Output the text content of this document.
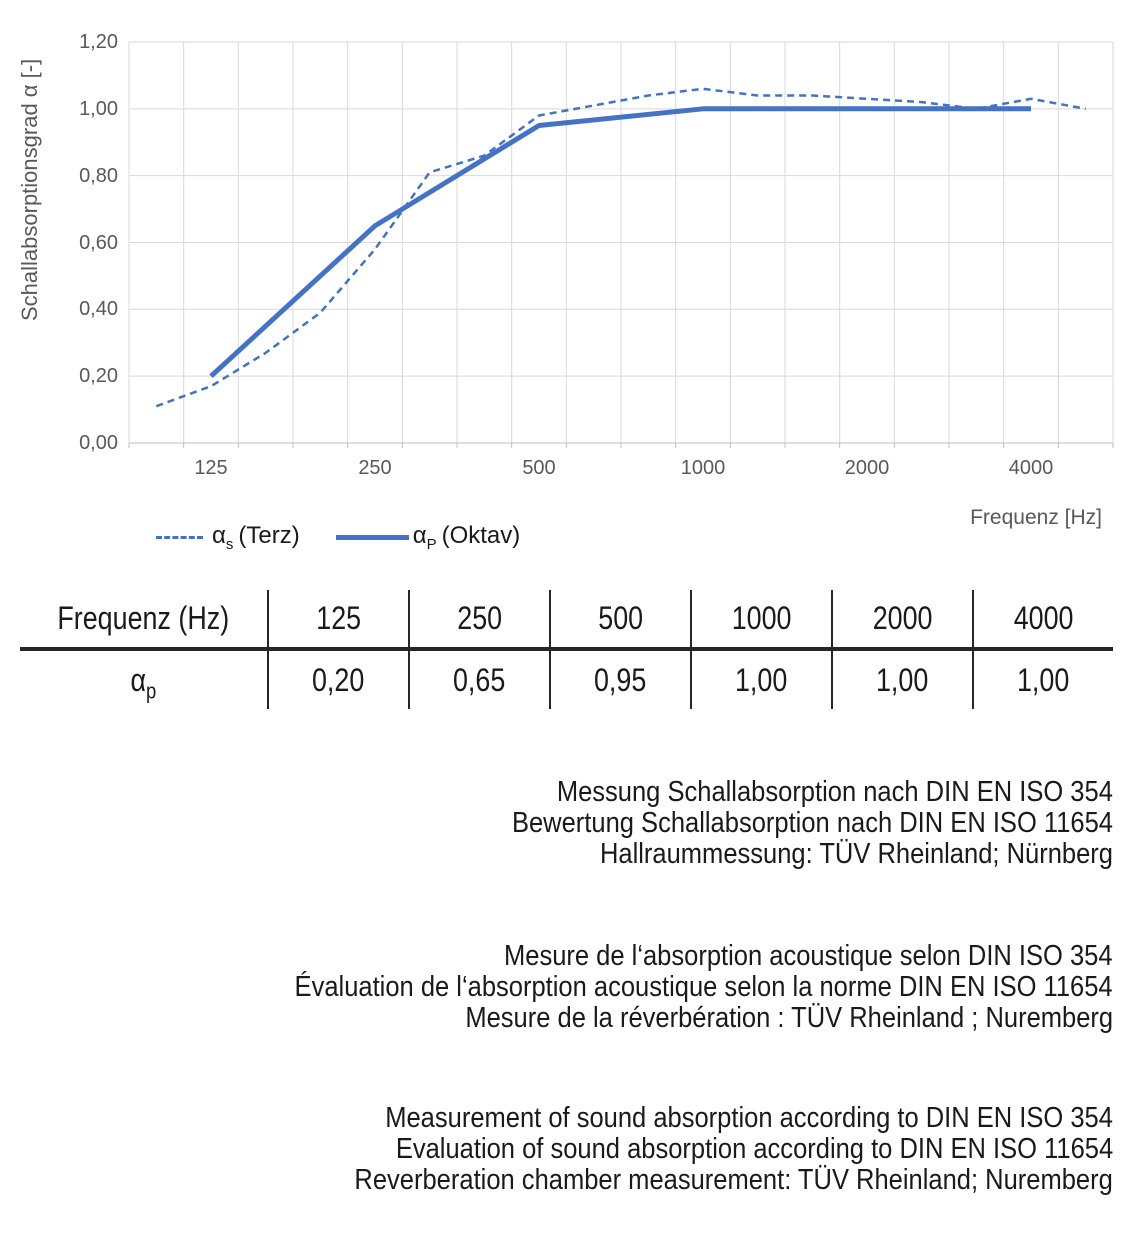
Schallabsorptionsgrad α [-]
Frequenz [Hz]
$\alpha_s$ (Terz)	$\alpha_P$ (Oktav)
0,00
0,20
0,40
0,60
0,80
1,00
1,20
125	250	500	1000	2000	4000
Frequenz (Hz)	125	250	500	1000	2000	4000
$\alpha_p$	0,20	0,65	0,95	1,00	1,00	1,00
Messung Schallabsorption nach DIN EN ISO 354
Bewertung Schallabsorption nach DIN EN ISO 11654
Hallraummessung: TÜV Rheinland; Nürnberg
Mesure de l‘absorption acoustique selon DIN ISO 354
Évaluation de l‘absorption acoustique selon la norme DIN EN ISO 11654
Mesure de la réverbération : TÜV Rheinland ; Nuremberg
Measurement of sound absorption according to DIN EN ISO 354
Evaluation of sound absorption according to DIN EN ISO 11654
Reverberation chamber measurement: TÜV Rheinland; Nuremberg
